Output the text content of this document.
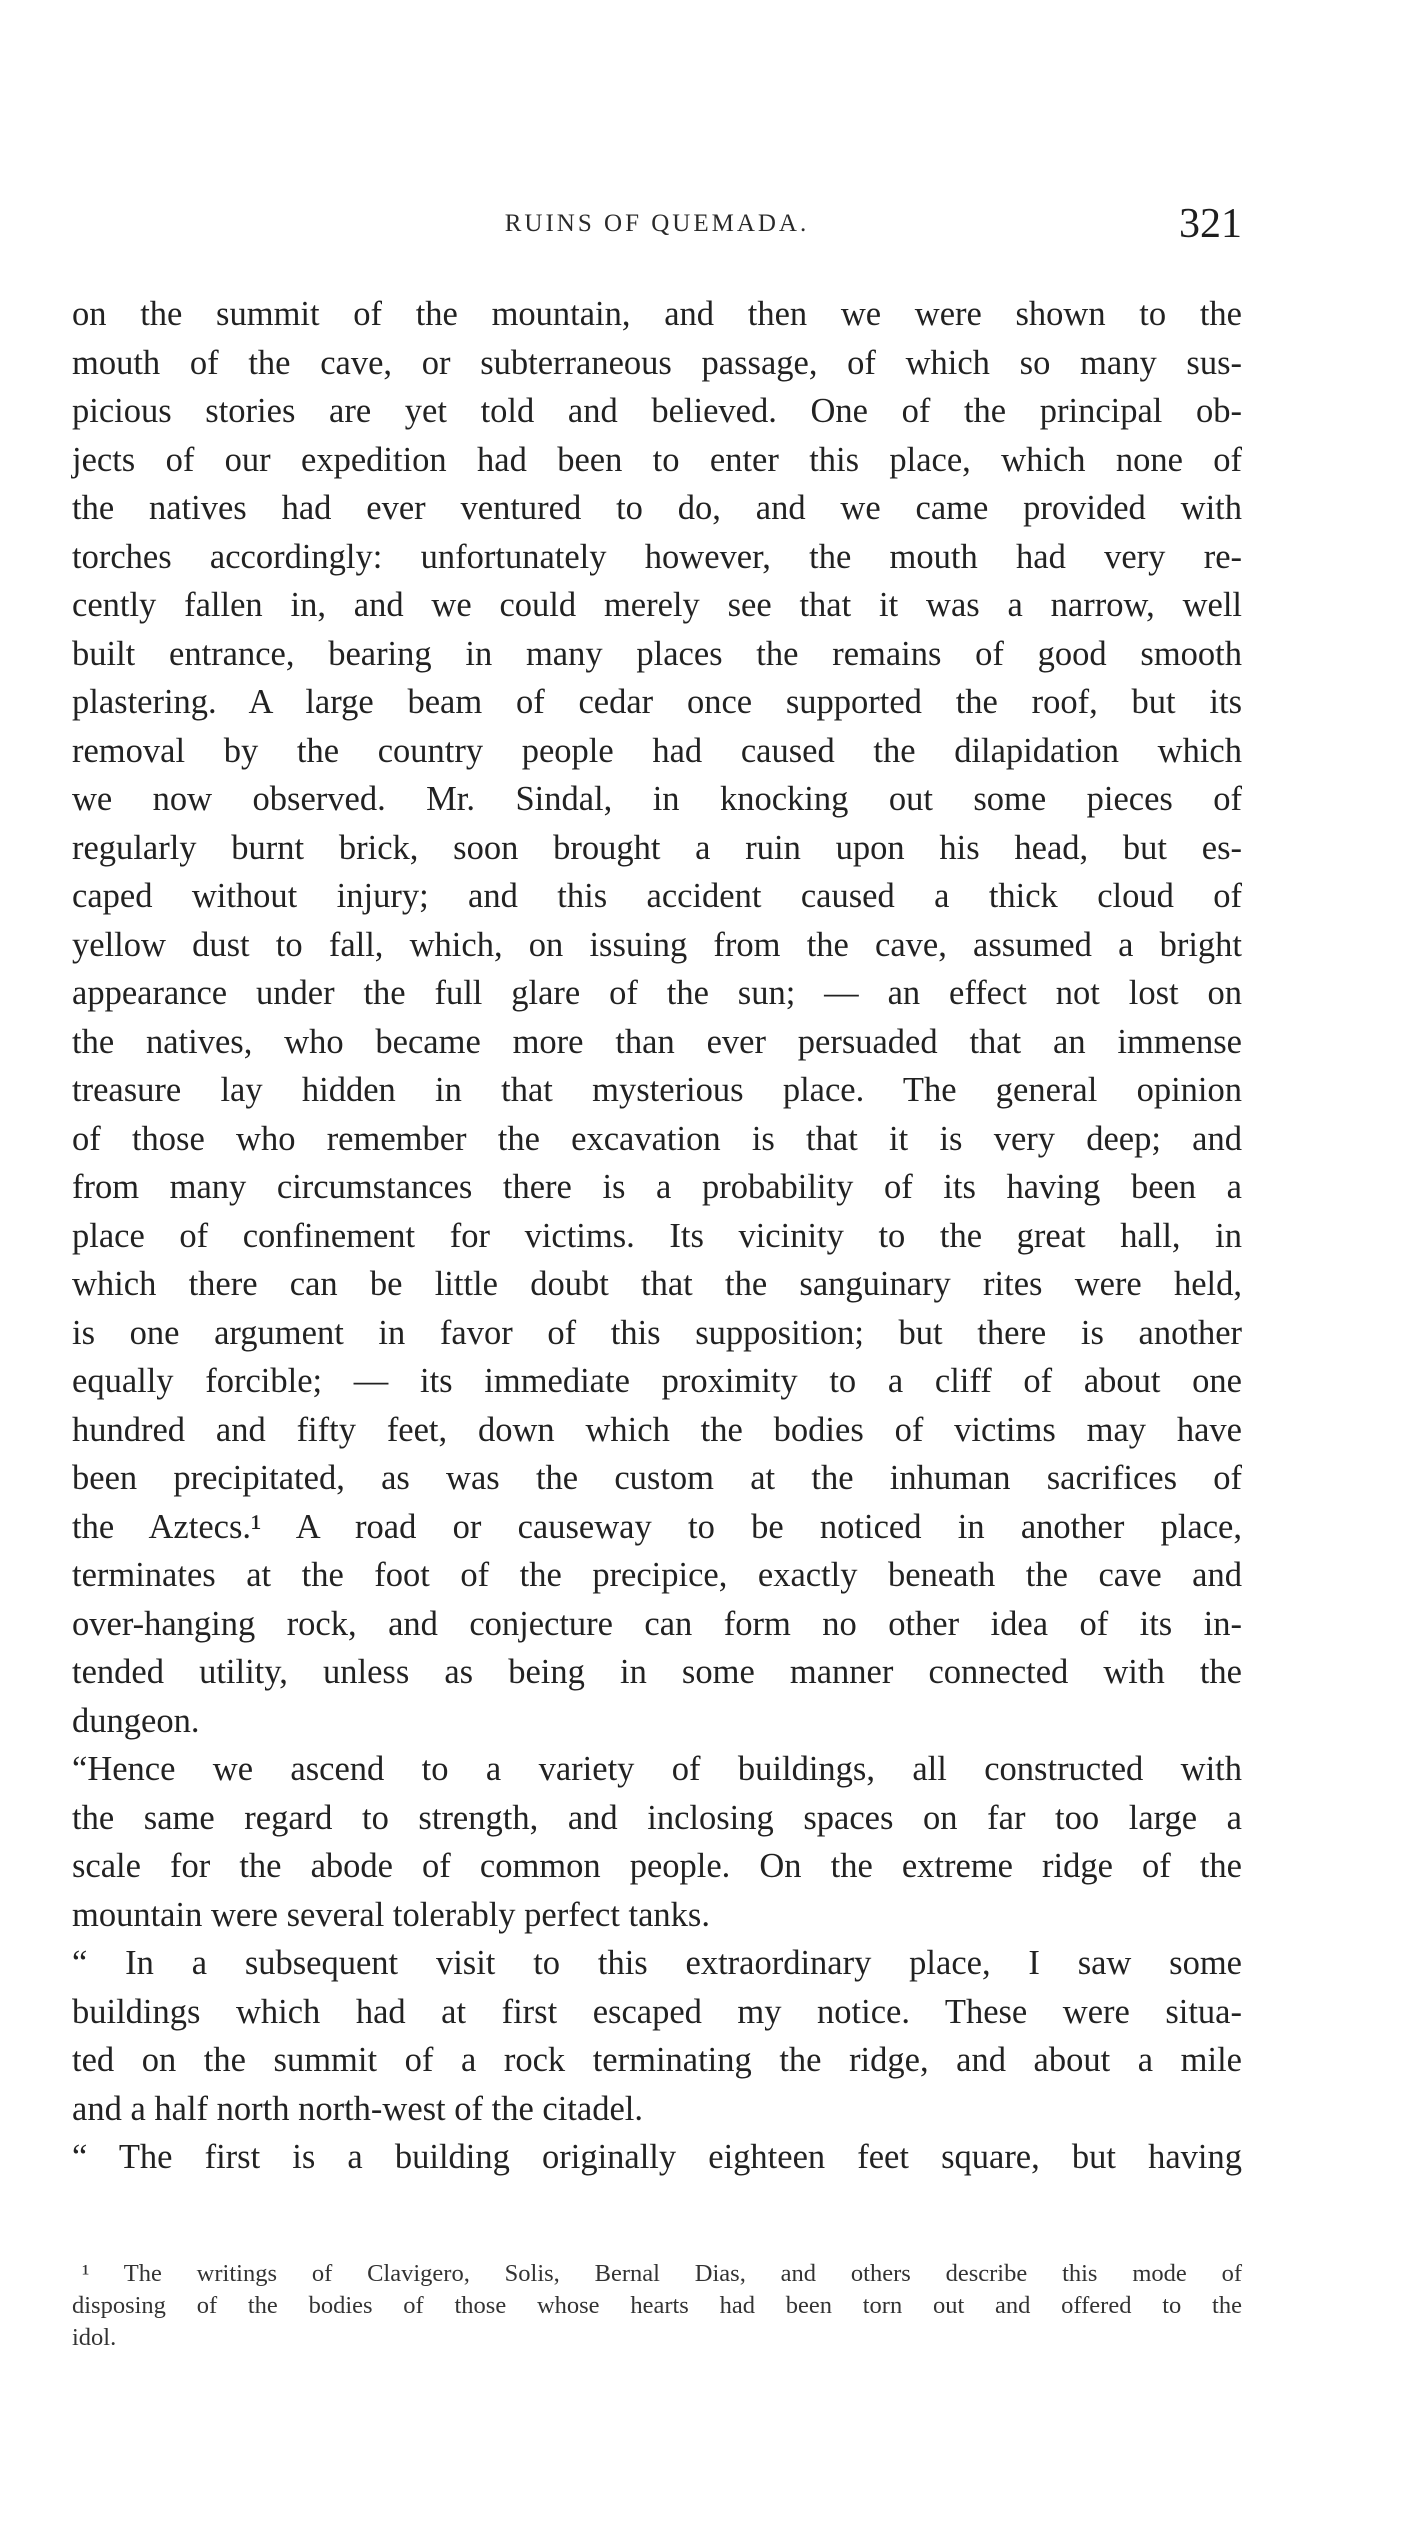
RUINS OF QUEMADA.	321
on the summit of the mountain, and then we were shown to the
mouth of the cave, or subterraneous passage, of which so many sus-
picious stories are yet told and believed. One of the principal ob-
jects of our expedition had been to enter this place, which none of
the natives had ever ventured to do, and we came provided with
torches accordingly: unfortunately however, the mouth had very re-
cently fallen in, and we could merely see that it was a narrow, well
built entrance, bearing in many places the remains of good smooth
plastering. A large beam of cedar once supported the roof, but its
removal by the country people had caused the dilapidation which
we now observed. Mr. Sindal, in knocking out some pieces of
regularly burnt brick, soon brought a ruin upon his head, but es-
caped without injury; and this accident caused a thick cloud of
yellow dust to fall, which, on issuing from the cave, assumed a bright
appearance under the full glare of the sun; — an effect not lost on
the natives, who became more than ever persuaded that an immense
treasure lay hidden in that mysterious place. The general opinion
of those who remember the excavation is that it is very deep; and
from many circumstances there is a probability of its having been a
place of confinement for victims. Its vicinity to the great hall, in
which there can be little doubt that the sanguinary rites were held,
is one argument in favor of this supposition; but there is another
equally forcible; — its immediate proximity to a cliff of about one
hundred and fifty feet, down which the bodies of victims may have
been precipitated, as was the custom at the inhuman sacrifices of
the Aztecs.¹ A road or causeway to be noticed in another place,
terminates at the foot of the precipice, exactly beneath the cave and
over-hanging rock, and conjecture can form no other idea of its in-
tended utility, unless as being in some manner connected with the
dungeon.
“Hence we ascend to a variety of buildings, all constructed with
the same regard to strength, and inclosing spaces on far too large a
scale for the abode of common people. On the extreme ridge of the
mountain were several tolerably perfect tanks.
“ In a subsequent visit to this extraordinary place, I saw some
buildings which had at first escaped my notice. These were situa-
ted on the summit of a rock terminating the ridge, and about a mile
and a half north north-west of the citadel.
“ The first is a building originally eighteen feet square, but having
¹ The writings of Clavigero, Solis, Bernal Dias, and others describe this mode of
disposing of the bodies of those whose hearts had been torn out and offered to the
idol.
